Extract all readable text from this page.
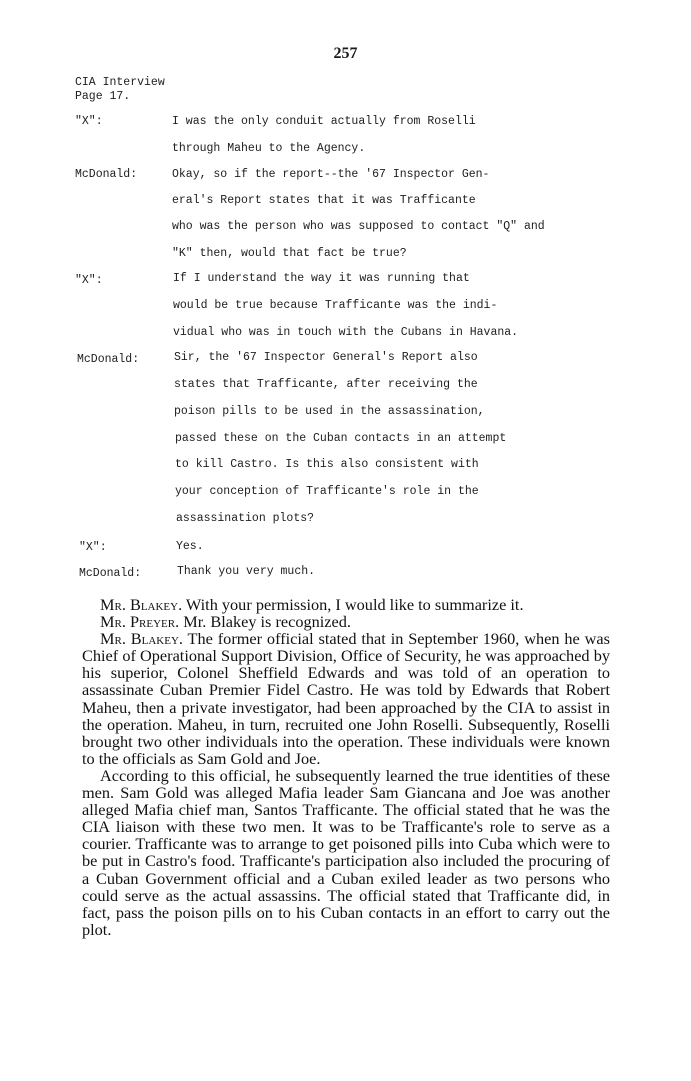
257
CIA Interview
Page 17.
"X":	I was the only conduit actually from Roselli
through Maheu to the Agency.
McDonald:	Okay, so if the report--the '67 Inspector Gen-
eral's Report states that it was Trafficante
who was the person who was supposed to contact "Q" and
"K" then, would that fact be true?
"X":	If I understand the way it was running that
would be true because Trafficante was the indi-
vidual who was in touch with the Cubans in Havana.
McDonald:	Sir, the '67 Inspector General's Report also
states that Trafficante, after receiving the
poison pills to be used in the assassination,
passed these on the Cuban contacts in an attempt
to kill Castro. Is this also consistent with
your conception of Trafficante's role in the
assassination plots?
"X":	Yes.
McDonald:	Thank you very much.

Mr. Blakey. With your permission, I would like to summarize it.

Mr. Preyer. Mr. Blakey is recognized.

Mr. Blakey. The former official stated that in September 1960, when he was Chief of Operational Support Division, Office of Security, he was approached by his superior, Colonel Sheffield Edwards and was told of an operation to assassinate Cuban Premier Fidel Castro. He was told by Edwards that Robert Maheu, then a private investigator, had been approached by the CIA to assist in the operation. Maheu, in turn, recruited one John Roselli. Subsequently, Roselli brought two other individuals into the operation. These individuals were known to the officials as Sam Gold and Joe.

According to this official, he subsequently learned the true identities of these men. Sam Gold was alleged Mafia leader Sam Giancana and Joe was another alleged Mafia chief man, Santos Trafficante. The official stated that he was the CIA liaison with these two men. It was to be Trafficante's role to serve as a courier. Trafficante was to arrange to get poisoned pills into Cuba which were to be put in Castro's food. Trafficante's participation also included the procuring of a Cuban Government official and a Cuban exiled leader as two persons who could serve as the actual assassins. The official stated that Trafficante did, in fact, pass the poison pills on to his Cuban contacts in an effort to carry out the plot.
